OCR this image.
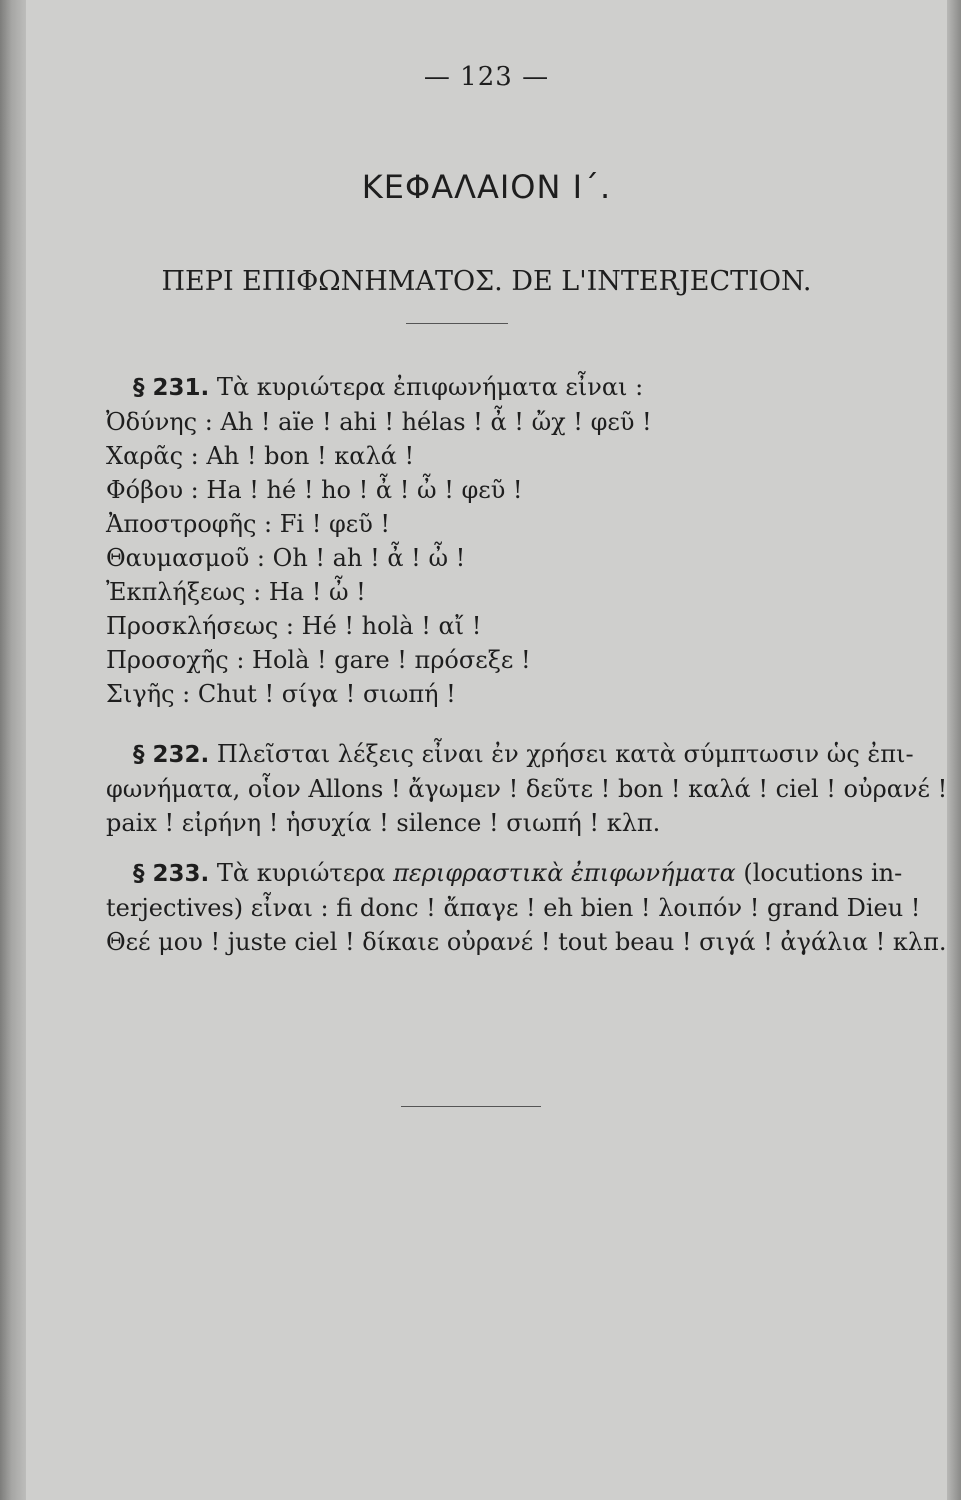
— 123 —
ΚΕΦΑΛΑΙΟΝ Ι΄.
ΠΕΡΙ ΕΠΙΦΩΝΗΜΑΤΟΣ. DE L'INTERJECTION.
§ 231. Τὰ κυριώτερα ἐπιφωνήματα εἶναι :
Ὀδύνης : Ah ! aïe ! ahi ! hélas ! ἆ ! ὤχ ! φεῦ !
Χαρᾶς : Ah ! bon ! καλά !
Φόβου : Ha ! hé ! ho ! ἆ ! ὦ ! φεῦ !
Ἀποστροφῆς : Fi ! φεῦ !
Θαυμασμοῦ : Oh ! ah ! ἆ ! ὦ !
Ἐκπλήξεως : Ha ! ὦ !
Προσκλήσεως : Hé ! holà ! αἴ !
Προσοχῆς : Holà ! gare ! πρόσεξε !
Σιγῆς : Chut ! σίγα ! σιωπή !
§ 232. Πλεῖσται λέξεις εἶναι ἐν χρήσει κατὰ σύμπτωσιν ὡς ἐπι-
φωνήματα, οἷον Allons ! ἄγωμεν ! δεῦτε ! bon ! καλά ! ciel ! οὐρανέ !
paix ! εἰρήνη ! ἡσυχία ! silence ! σιωπή ! κλπ.
§ 233. Τὰ κυριώτερα περιφραστικὰ ἐπιφωνήματα (locutions in-
terjectives) εἶναι : fi donc ! ἄπαγε ! eh bien ! λοιπόν ! grand Dieu !
Θεέ μου ! juste ciel ! δίκαιε οὐρανέ ! tout beau ! σιγά ! ἀγάλια ! κλπ.
